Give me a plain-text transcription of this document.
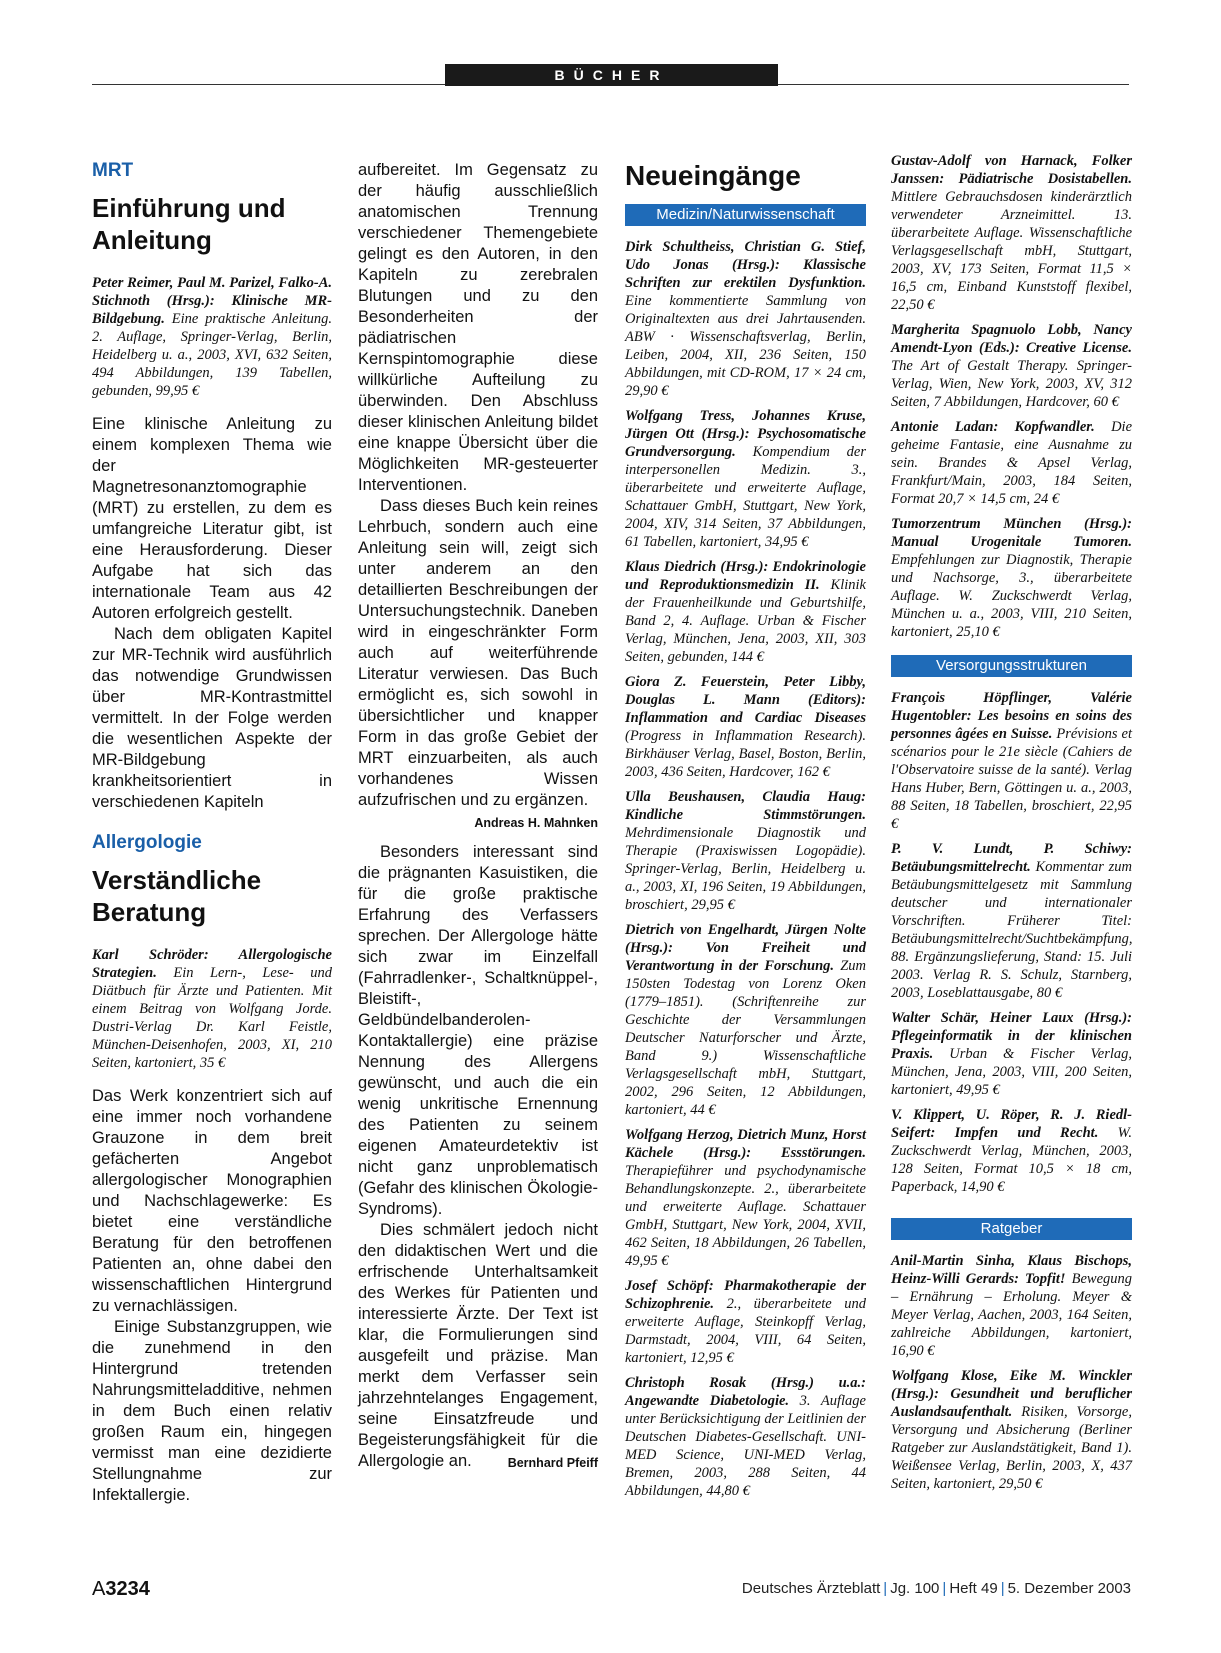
BÜCHER
MRT
Einführung und Anleitung
Peter Reimer, Paul M. Parizel, Falko-A. Stichnoth (Hrsg.): Klinische MR-Bildgebung. Eine praktische Anleitung. 2. Auflage, Springer-Verlag, Berlin, Heidelberg u. a., 2003, XVI, 632 Seiten, 494 Abbildungen, 139 Tabellen, gebunden, 99,95 €

Eine klinische Anleitung zu einem komplexen Thema wie der Magnetresonanztomographie (MRT) zu erstellen, zu dem es umfangreiche Literatur gibt, ist eine Herausforderung. Dieser Aufgabe hat sich das internationale Team aus 42 Autoren erfolgreich gestellt.

Nach dem obligaten Kapitel zur MR-Technik wird ausführlich das notwendige Grundwissen über MR-Kontrastmittel vermittelt. In der Folge werden die wesentlichen Aspekte der MR-Bildgebung krankheitsorientiert in verschiedenen Kapiteln

Allergologie
Verständliche Beratung
Karl Schröder: Allergologische Strategien. Ein Lern-, Lese- und Diätbuch für Ärzte und Patienten. Mit einem Beitrag von Wolfgang Jorde. Dustri-Verlag Dr. Karl Feistle, München-Deisenhofen, 2003, XI, 210 Seiten, kartoniert, 35 €

Das Werk konzentriert sich auf eine immer noch vorhandene Grauzone in dem breit gefächerten Angebot allergologischer Monographien und Nachschlagewerke: Es bietet eine verständliche Beratung für den betroffenen Patienten an, ohne dabei den wissenschaftlichen Hintergrund zu vernachlässigen.

Einige Substanzgruppen, wie die zunehmend in den Hintergrund tretenden Nahrungsmitteladditive, nehmen in dem Buch einen relativ großen Raum ein, hingegen vermisst man eine dezidierte Stellungnahme zur Infektallergie.

aufbereitet. Im Gegensatz zu der häufig ausschließlich anatomischen Trennung verschiedener Themengebiete gelingt es den Autoren, in den Kapiteln zu zerebralen Blutungen und zu den Besonderheiten der pädiatrischen Kernspintomographie diese willkürliche Aufteilung zu überwinden. Den Abschluss dieser klinischen Anleitung bildet eine knappe Übersicht über die Möglichkeiten MR-gesteuerter Interventionen.

Dass dieses Buch kein reines Lehrbuch, sondern auch eine Anleitung sein will, zeigt sich unter anderem an den detaillierten Beschreibungen der Untersuchungstechnik. Daneben wird in eingeschränkter Form auch auf weiterführende Literatur verwiesen. Das Buch ermöglicht es, sich sowohl in übersichtlicher und knapper Form in das große Gebiet der MRT einzuarbeiten, als auch vorhandenes Wissen aufzufrischen und zu ergänzen.
Andreas H. Mahnken

Besonders interessant sind die prägnanten Kasuistiken, die für die große praktische Erfahrung des Verfassers sprechen. Der Allergologe hätte sich zwar im Einzelfall (Fahrradlenker-, Schaltknüppel-, Bleistift-, Geldbündelbanderolen-Kontaktallergie) eine präzise Nennung des Allergens gewünscht, und auch die ein wenig unkritische Ernennung des Patienten zu seinem eigenen Amateurdetektiv ist nicht ganz unproblematisch (Gefahr des klinischen Ökologie-Syndroms).

Dies schmälert jedoch nicht den didaktischen Wert und die erfrischende Unterhaltsamkeit des Werkes für Patienten und interessierte Ärzte. Der Text ist klar, die Formulierungen sind ausgefeilt und präzise. Man merkt dem Verfasser sein jahrzehntelanges Engagement, seine Einsatzfreude und Begeisterungsfähigkeit für die Allergologie an.	Bernhard Pfeiff

Neueingänge
Medizin/Naturwissenschaft
Dirk Schultheiss, Christian G. Stief, Udo Jonas (Hrsg.): Klassische Schriften zur erektilen Dysfunktion. Eine kommentierte Sammlung von Originaltexten aus drei Jahrtausenden. ABW · Wissenschaftsverlag, Berlin, Leiben, 2004, XII, 236 Seiten, 150 Abbildungen, mit CD-ROM, 17 × 24 cm, 29,90 €
Wolfgang Tress, Johannes Kruse, Jürgen Ott (Hrsg.): Psychosomatische Grundversorgung. Kompendium der interpersonellen Medizin. 3., überarbeitete und erweiterte Auflage, Schattauer GmbH, Stuttgart, New York, 2004, XIV, 314 Seiten, 37 Abbildungen, 61 Tabellen, kartoniert, 34,95 €
Klaus Diedrich (Hrsg.): Endokrinologie und Reproduktionsmedizin II. Klinik der Frauenheilkunde und Geburtshilfe, Band 2, 4. Auflage. Urban & Fischer Verlag, München, Jena, 2003, XII, 303 Seiten, gebunden, 144 €
Giora Z. Feuerstein, Peter Libby, Douglas L. Mann (Editors): Inflammation and Cardiac Diseases (Progress in Inflammation Research). Birkhäuser Verlag, Basel, Boston, Berlin, 2003, 436 Seiten, Hardcover, 162 €
Ulla Beushausen, Claudia Haug: Kindliche Stimmstörungen. Mehrdimensionale Diagnostik und Therapie (Praxiswissen Logopädie). Springer-Verlag, Berlin, Heidelberg u. a., 2003, XI, 196 Seiten, 19 Abbildungen, broschiert, 29,95 €
Dietrich von Engelhardt, Jürgen Nolte (Hrsg.): Von Freiheit und Verantwortung in der Forschung. Zum 150sten Todestag von Lorenz Oken (1779–1851). (Schriftenreihe zur Geschichte der Versammlungen Deutscher Naturforscher und Ärzte, Band 9.) Wissenschaftliche Verlagsgesellschaft mbH, Stuttgart, 2002, 296 Seiten, 12 Abbildungen, kartoniert, 44 €
Wolfgang Herzog, Dietrich Munz, Horst Kächele (Hrsg.): Essstörungen. Therapieführer und psychodynamische Behandlungskonzepte. 2., überarbeitete und erweiterte Auflage. Schattauer GmbH, Stuttgart, New York, 2004, XVII, 462 Seiten, 18 Abbildungen, 26 Tabellen, 49,95 €
Josef Schöpf: Pharmakotherapie der Schizophrenie. 2., überarbeitete und erweiterte Auflage, Steinkopff Verlag, Darmstadt, 2004, VIII, 64 Seiten, kartoniert, 12,95 €
Christoph Rosak (Hrsg.) u.a.: Angewandte Diabetologie. 3. Auflage unter Berücksichtigung der Leitlinien der Deutschen Diabetes-Gesellschaft. UNI-MED Science, UNI-MED Verlag, Bremen, 2003, 288 Seiten, 44 Abbildungen, 44,80 €
Gustav-Adolf von Harnack, Folker Janssen: Pädiatrische Dosistabellen. Mittlere Gebrauchsdosen kinderärztlich verwendeter Arzneimittel. 13. überarbeitete Auflage. Wissenschaftliche Verlagsgesellschaft mbH, Stuttgart, 2003, XV, 173 Seiten, Format 11,5 × 16,5 cm, Einband Kunststoff flexibel, 22,50 €
Margherita Spagnuolo Lobb, Nancy Amendt-Lyon (Eds.): Creative License. The Art of Gestalt Therapy. Springer-Verlag, Wien, New York, 2003, XV, 312 Seiten, 7 Abbildungen, Hardcover, 60 €
Antonie Ladan: Kopfwandler. Die geheime Fantasie, eine Ausnahme zu sein. Brandes & Apsel Verlag, Frankfurt/Main, 2003, 184 Seiten, Format 20,7 × 14,5 cm, 24 €
Tumorzentrum München (Hrsg.): Manual Urogenitale Tumoren. Empfehlungen zur Diagnostik, Therapie und Nachsorge, 3., überarbeitete Auflage. W. Zuckschwerdt Verlag, München u. a., 2003, VIII, 210 Seiten, kartoniert, 25,10 €
Versorgungsstrukturen
François Höpflinger, Valérie Hugentobler: Les besoins en soins des personnes âgées en Suisse. Prévisions et scénarios pour le 21e siècle (Cahiers de l'Observatoire suisse de la santé). Verlag Hans Huber, Bern, Göttingen u. a., 2003, 88 Seiten, 18 Tabellen, broschiert, 22,95 €
P. V. Lundt, P. Schiwy: Betäubungsmittelrecht. Kommentar zum Betäubungsmittelgesetz mit Sammlung deutscher und internationaler Vorschriften. Früherer Titel: Betäubungsmittelrecht/Suchtbekämpfung, 88. Ergänzungslieferung, Stand: 15. Juli 2003. Verlag R. S. Schulz, Starnberg, 2003, Loseblattausgabe, 80 €
Walter Schär, Heiner Laux (Hrsg.): Pflegeinformatik in der klinischen Praxis. Urban & Fischer Verlag, München, Jena, 2003, VIII, 200 Seiten, kartoniert, 49,95 €
V. Klippert, U. Röper, R. J. Riedl-Seifert: Impfen und Recht. W. Zuckschwerdt Verlag, München, 2003, 128 Seiten, Format 10,5 × 18 cm, Paperback, 14,90 €
Ratgeber
Anil-Martin Sinha, Klaus Bischops, Heinz-Willi Gerards: Topfit! Bewegung – Ernährung – Erholung. Meyer & Meyer Verlag, Aachen, 2003, 164 Seiten, zahlreiche Abbildungen, kartoniert, 16,90 €
Wolfgang Klose, Eike M. Winckler (Hrsg.): Gesundheit und beruflicher Auslandsaufenthalt. Risiken, Vorsorge, Versorgung und Absicherung (Berliner Ratgeber zur Auslandstätigkeit, Band 1). Weißensee Verlag, Berlin, 2003, X, 437 Seiten, kartoniert, 29,50 €
A3234	Deutsches Ärzteblatt | Jg. 100 | Heft 49 | 5. Dezember 2003
